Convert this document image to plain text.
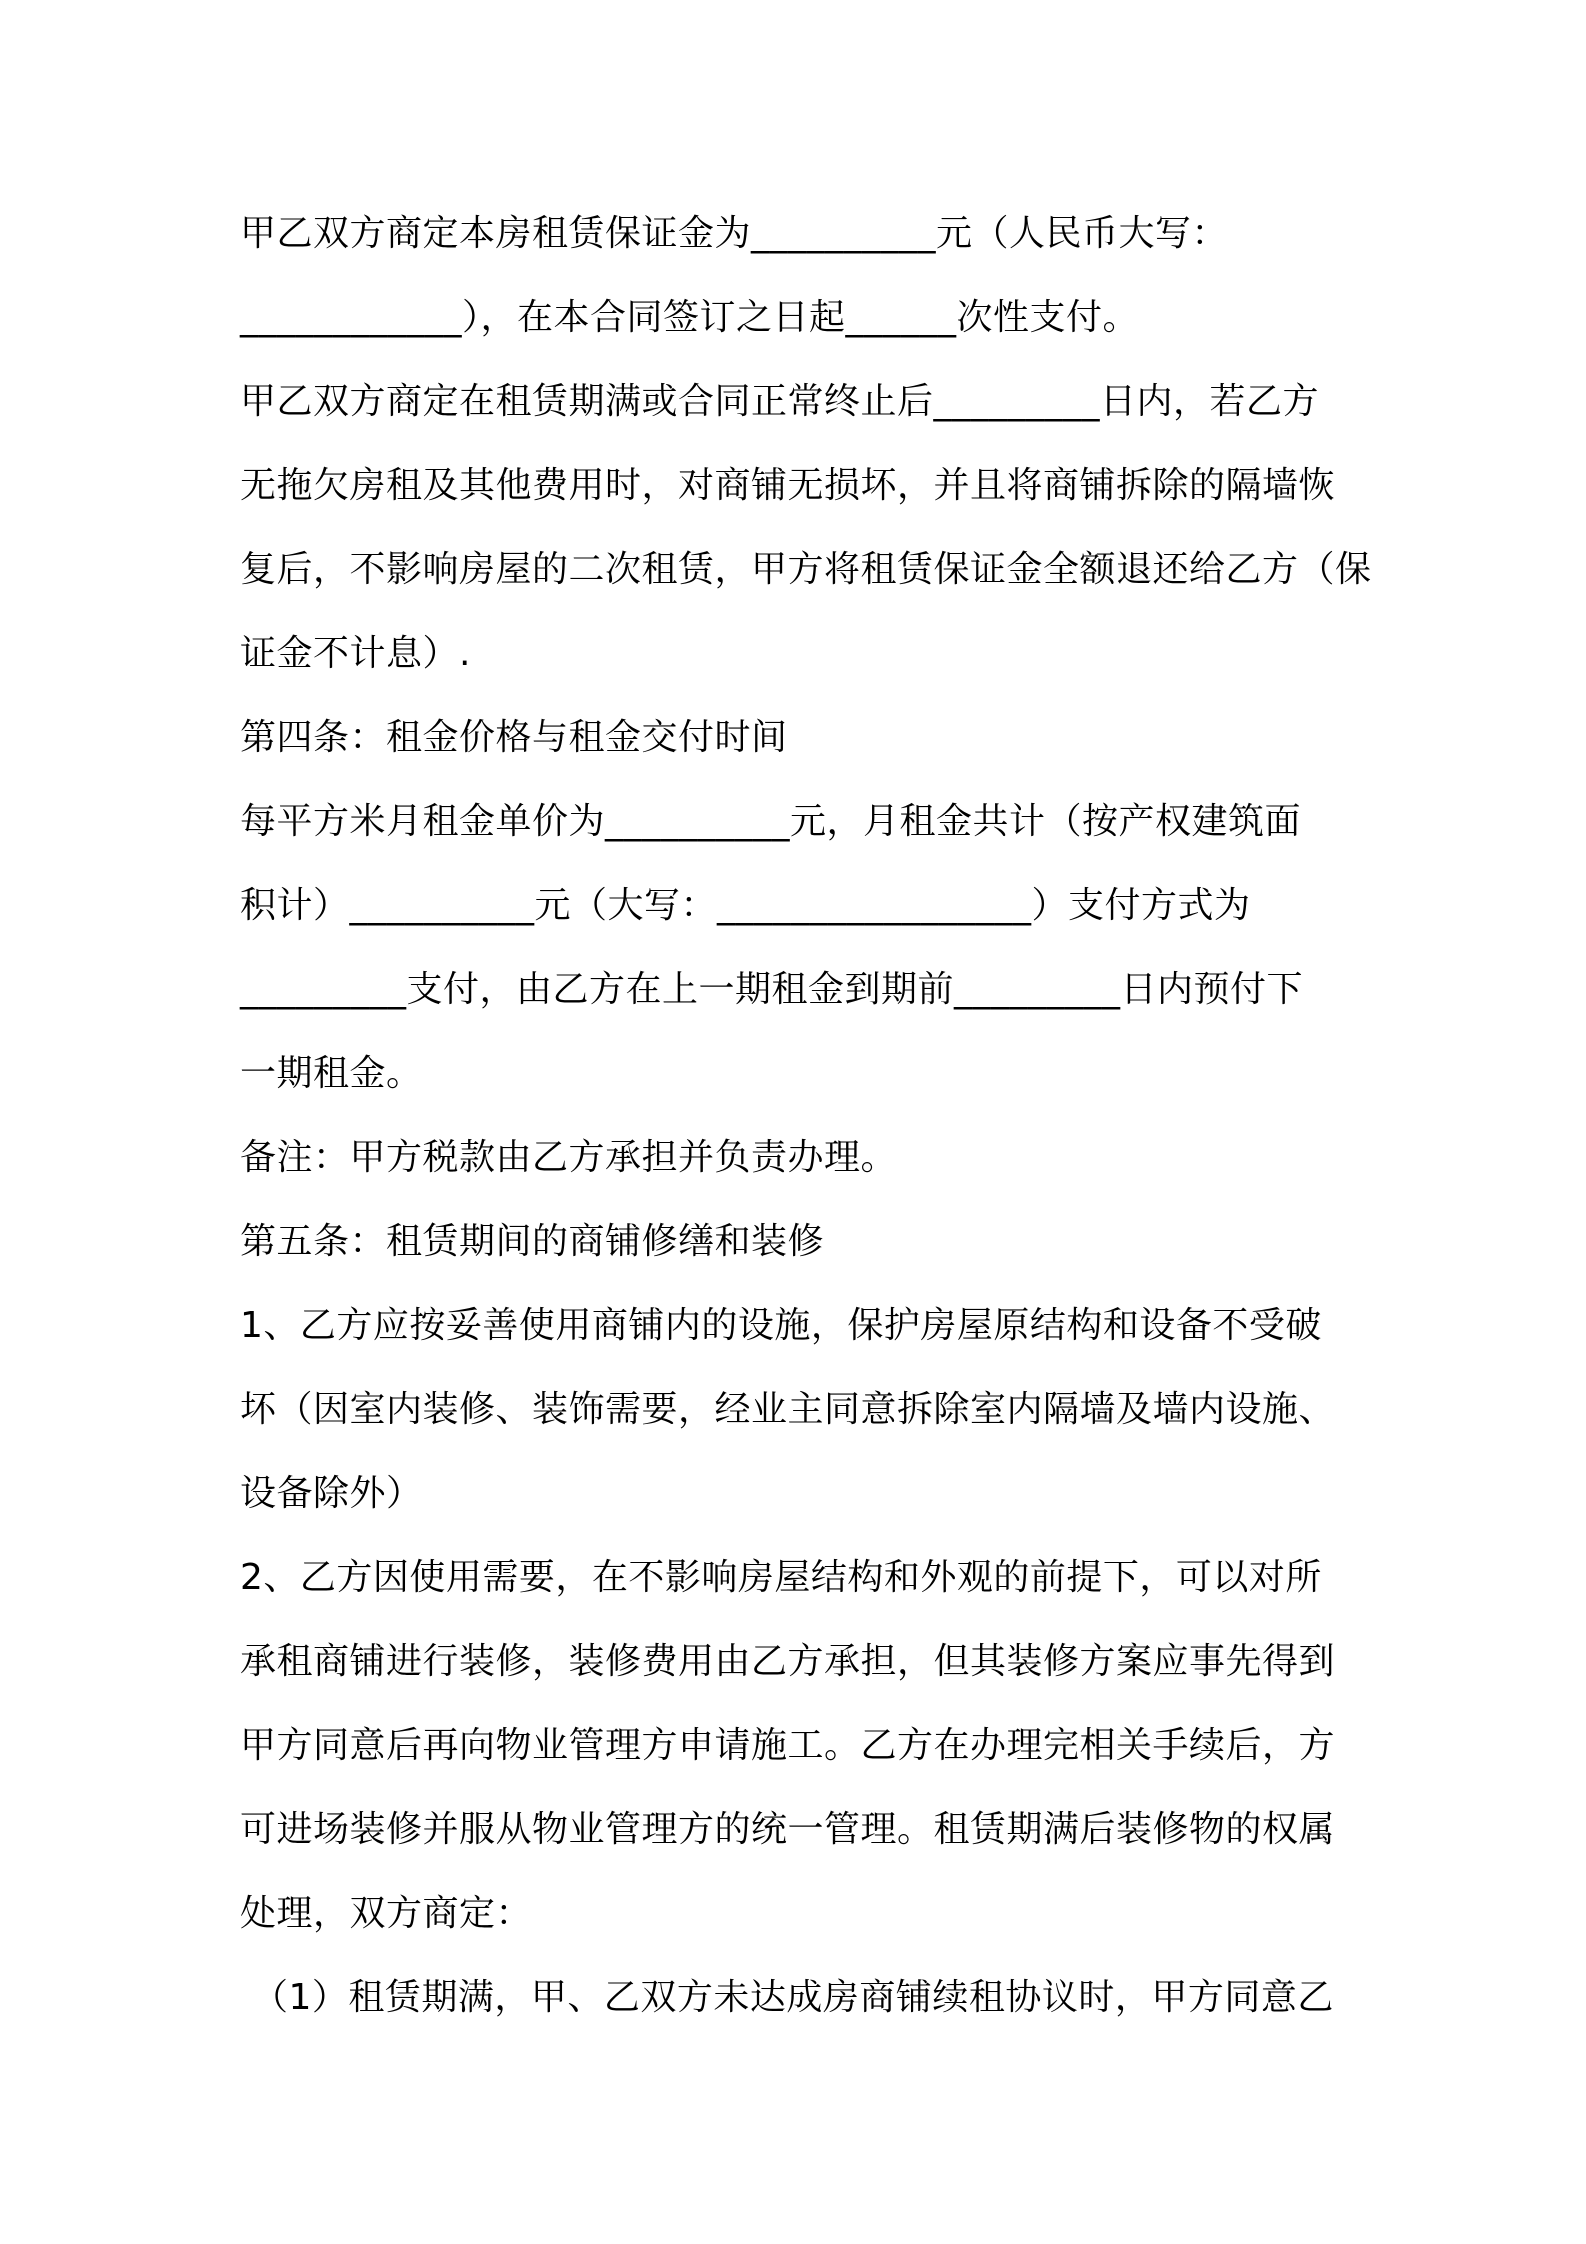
甲乙双方商定本房租赁保证金为__________元（人民币大写：
____________），在本合同签订之日起______次性支付。
甲乙双方商定在租赁期满或合同正常终止后_________日内，若乙方
无拖欠房租及其他费用时，对商铺无损坏，并且将商铺拆除的隔墙恢
复后，不影响房屋的二次租赁，甲方将租赁保证金全额退还给乙方（保
证金不计息）.
第四条：租金价格与租金交付时间
每平方米月租金单价为__________元，月租金共计（按产权建筑面
积计）__________元（大写：_________________）支付方式为
_________支付，由乙方在上一期租金到期前_________日内预付下
一期租金。
备注：甲方税款由乙方承担并负责办理。
第五条：租赁期间的商铺修缮和装修
1、乙方应按妥善使用商铺内的设施，保护房屋原结构和设备不受破
坏（因室内装修、装饰需要，经业主同意拆除室内隔墙及墙内设施、
设备除外）
2、乙方因使用需要，在不影响房屋结构和外观的前提下，可以对所
承租商铺进行装修，装修费用由乙方承担，但其装修方案应事先得到
甲方同意后再向物业管理方申请施工。乙方在办理完相关手续后，方
可进场装修并服从物业管理方的统一管理。租赁期满后装修物的权属
处理，双方商定：
（1）租赁期满，甲、乙双方未达成房商铺续租协议时，甲方同意乙
